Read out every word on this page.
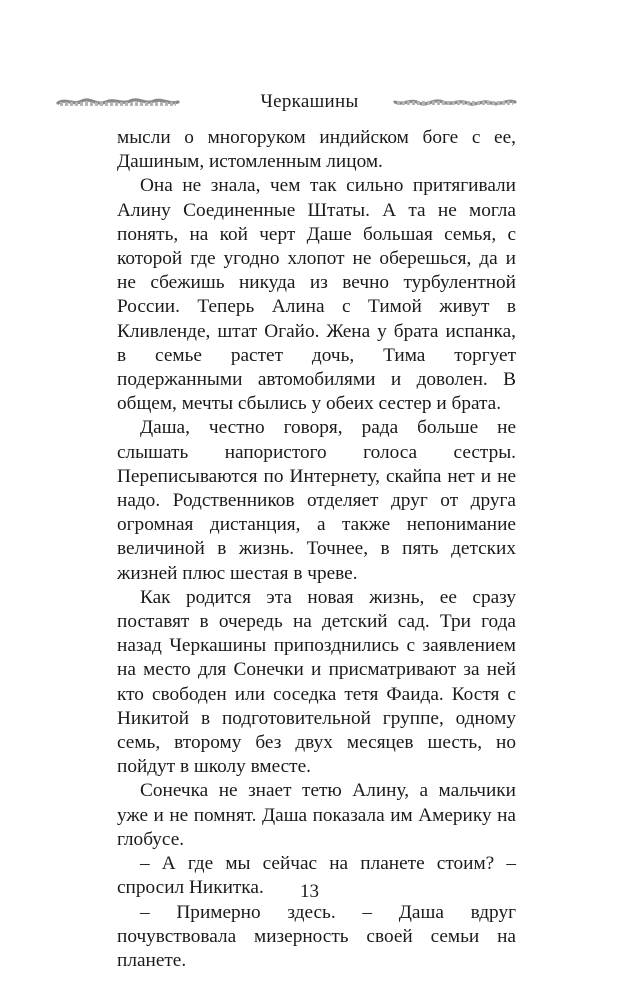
Черкашины

мысли о многоруком индийском боге с ее, Дашиным, истомленным лицом.

Она не знала, чем так сильно притягивали Алину Соединенные Штаты. А та не могла понять, на кой черт Даше большая семья, с которой где угодно хлопот не оберешься, да и не сбежишь никуда из вечно турбулентной России. Теперь Алина с Тимой живут в Кливленде, штат Огайо. Жена у брата испанка, в семье растет дочь, Тима торгует подержанными автомобилями и доволен. В общем, мечты сбылись у обеих сестер и брата.

Даша, честно говоря, рада больше не слышать напористого голоса сестры. Переписываются по Интернету, скайпа нет и не надо. Родственников отделяет друг от друга огромная дистанция, а также непонимание величиной в жизнь. Точнее, в пять детских жизней плюс шестая в чреве.

Как родится эта новая жизнь, ее сразу поставят в очередь на детский сад. Три года назад Черкашины припозднились с заявлением на место для Сонечки и присматривают за ней кто свободен или соседка тетя Фаида. Костя с Никитой в подготовительной группе, одному семь, второму без двух месяцев шесть, но пойдут в школу вместе.

Сонечка не знает тетю Алину, а мальчики уже и не помнят. Даша показала им Америку на глобусе.

– А где мы сейчас на планете стоим? – спросил Никитка.

– Примерно здесь. – Даша вдруг почувствовала мизерность своей семьи на планете.

13
